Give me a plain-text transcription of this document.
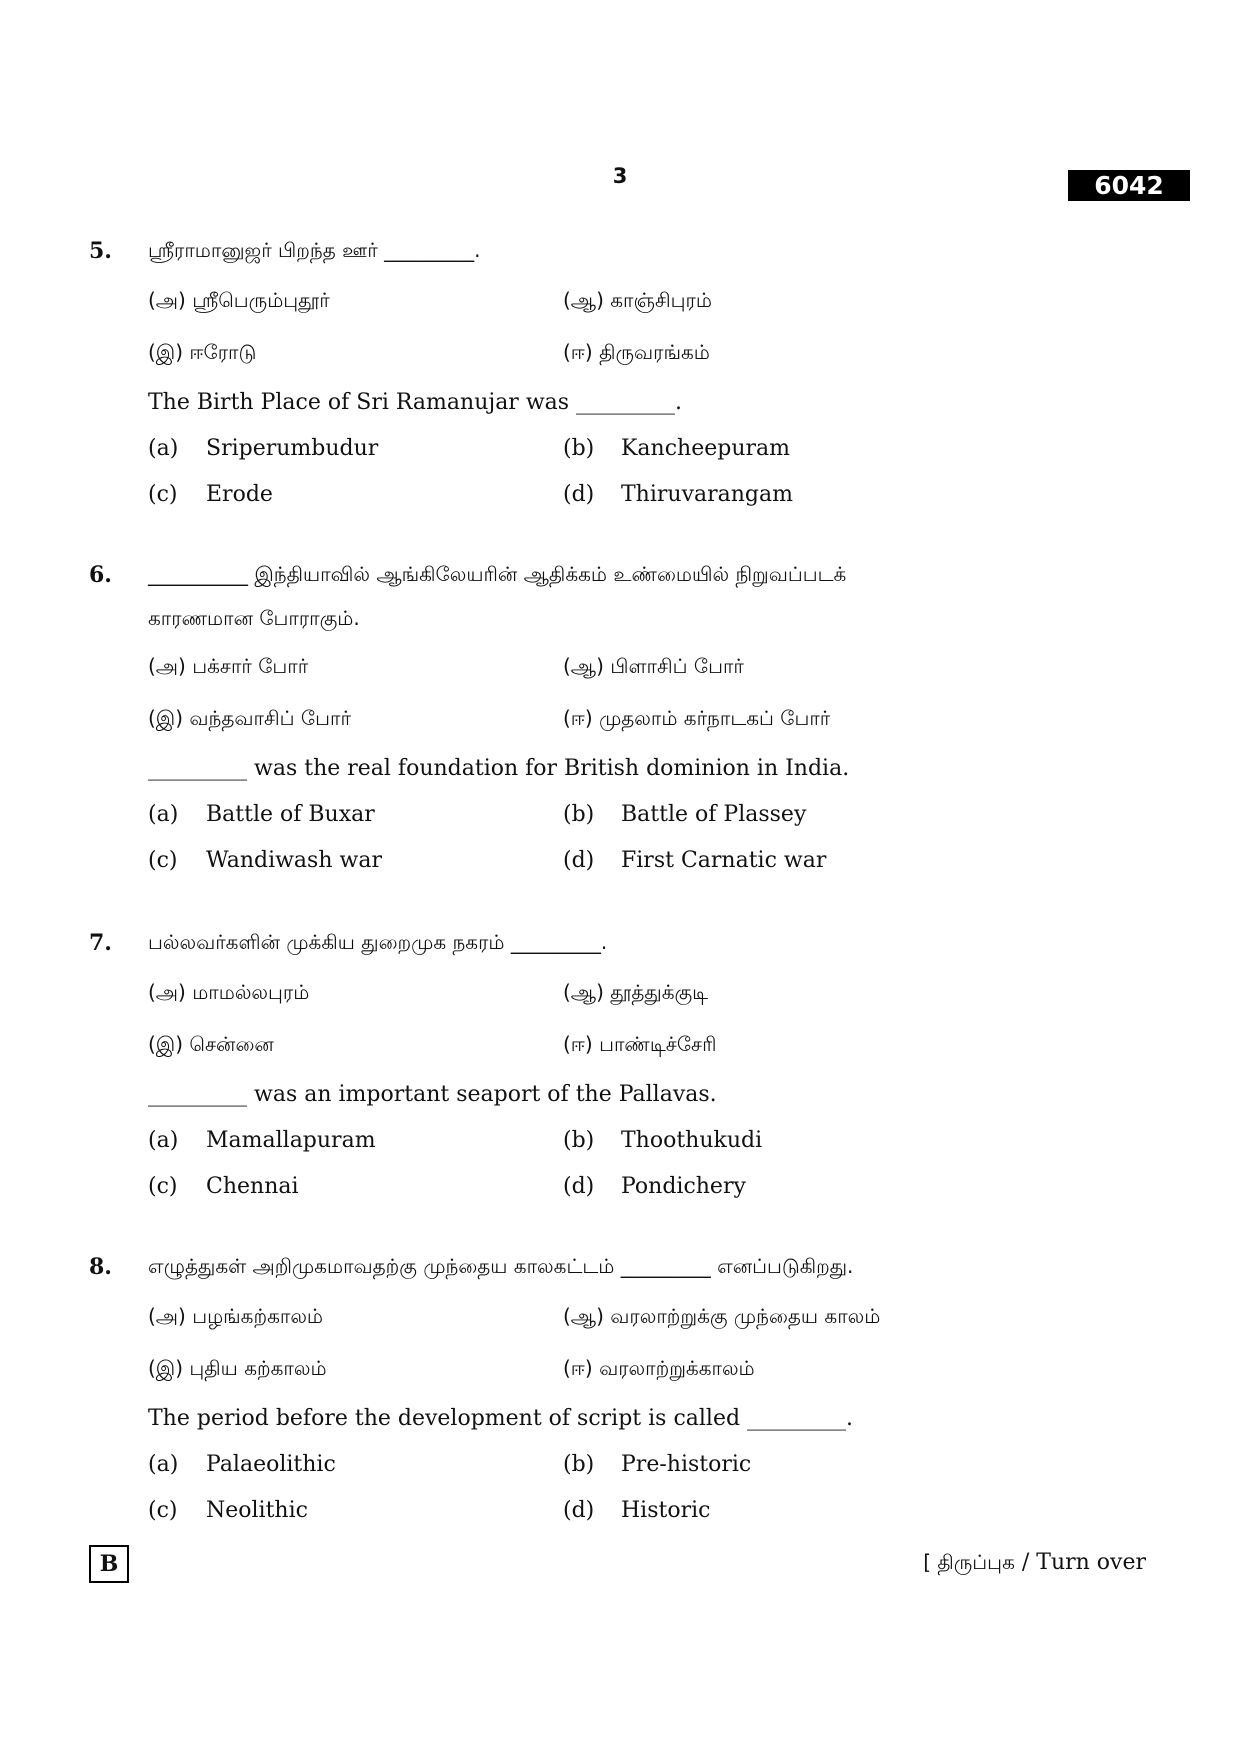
3	6042
5. ஸ்ரீராமானுஜர் பிறந்த ஊர் _________.
(அ) ஸ்ரீபெரும்புதூர்	(ஆ) காஞ்சிபுரம்
(இ) ஈரோடு	(ஈ) திருவரங்கம்
The Birth Place of Sri Ramanujar was _________.
(a) Sriperumbudur	(b) Kancheepuram
(c) Erode	(d) Thiruvarangam
6. __________ இந்தியாவில் ஆங்கிலேயரின் ஆதிக்கம் உண்மையில் நிறுவப்படக்
காரணமான போராகும்.
(அ) பக்சார் போர்	(ஆ) பிளாசிப் போர்
(இ) வந்தவாசிப் போர்	(ஈ) முதலாம் கர்நாடகப் போர்
_________ was the real foundation for British dominion in India.
(a) Battle of Buxar	(b) Battle of Plassey
(c) Wandiwash war	(d) First Carnatic war
7. பல்லவர்களின் முக்கிய துறைமுக நகரம் _________.
(அ) மாமல்லபுரம்	(ஆ) தூத்துக்குடி
(இ) சென்னை	(ஈ) பாண்டிச்சேரி
_________ was an important seaport of the Pallavas.
(a) Mamallapuram	(b) Thoothukudi
(c) Chennai	(d) Pondichery
8. எழுத்துகள் அறிமுகமாவதற்கு முந்தைய காலகட்டம் _________ எனப்படுகிறது.
(அ) பழங்கற்காலம்	(ஆ) வரலாற்றுக்கு முந்தைய காலம்
(இ) புதிய கற்காலம்	(ஈ) வரலாற்றுக்காலம்
The period before the development of script is called _________.
(a) Palaeolithic	(b) Pre-historic
(c) Neolithic	(d) Historic
B	[ திருப்புக / Turn over
